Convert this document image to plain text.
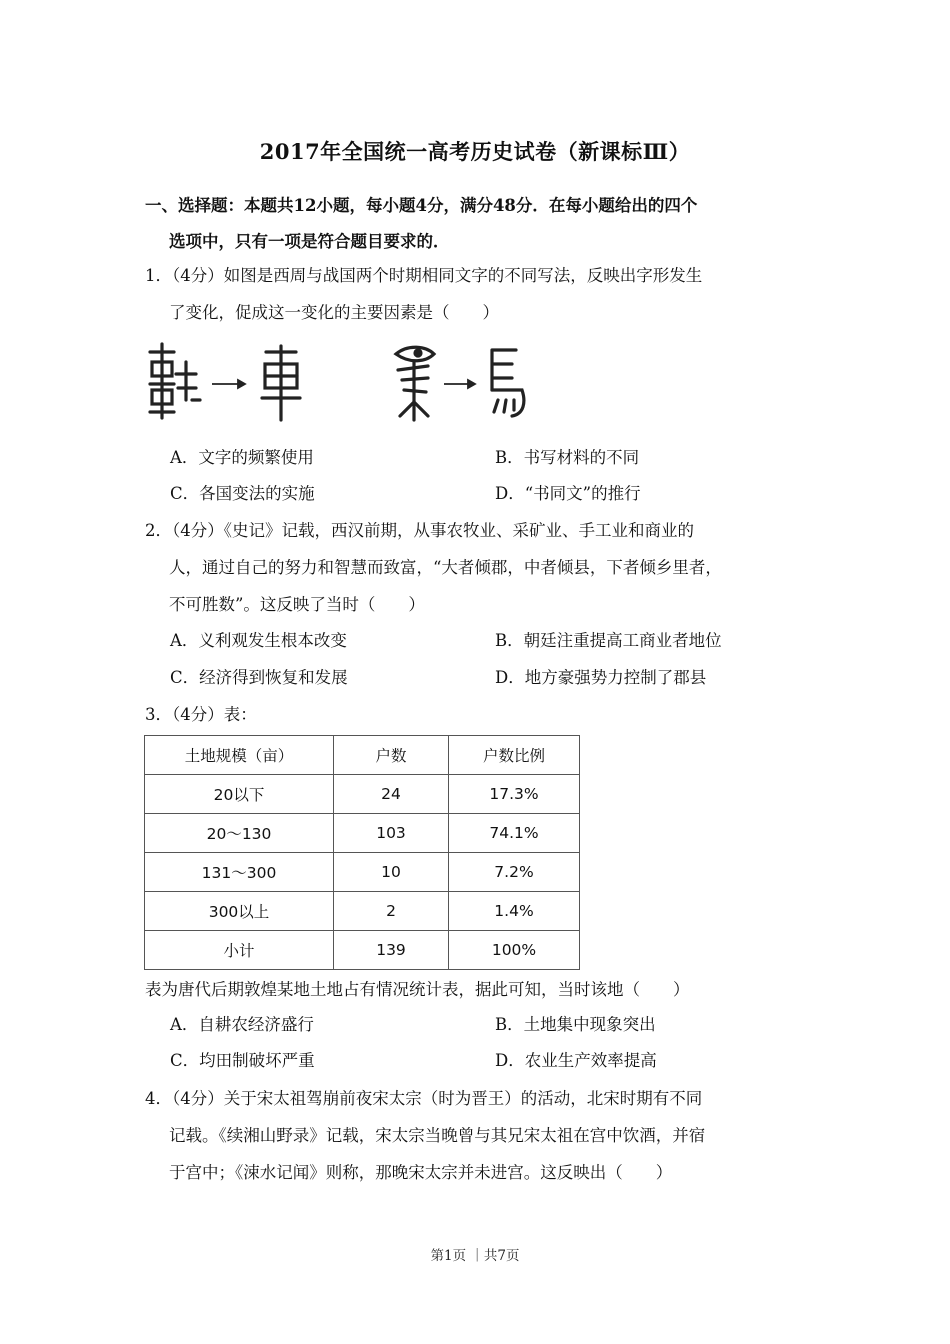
2017年全国统一高考历史试卷（新课标Ⅲ）
一、选择题：本题共12小题，每小题4分，满分48分．在每小题给出的四个
选项中，只有一项是符合题目要求的．
1．（4分）如图是西周与战国两个时期相同文字的不同写法，反映出字形发生
了变化，促成这一变化的主要因素是（　　）
A．文字的频繁使用	B．书写材料的不同
C．各国变法的实施	D．“书同文”的推行
2．（4分）《史记》记载，西汉前期，从事农牧业、采矿业、手工业和商业的
人，通过自己的努力和智慧而致富，“大者倾郡，中者倾县，下者倾乡里者，
不可胜数”。这反映了当时（　　）
A．义利观发生根本改变	B．朝廷注重提高工商业者地位
C．经济得到恢复和发展	D．地方豪强势力控制了郡县
3．（4分）表：
土地规模（亩）	户数	户数比例
20以下	24	17.3%
20～130	103	74.1%
131～300	10	7.2%
300以上	2	1.4%
小计	139	100%
表为唐代后期敦煌某地土地占有情况统计表，据此可知，当时该地（　　）
A．自耕农经济盛行	B．土地集中现象突出
C．均田制破坏严重	D．农业生产效率提高
4．（4分）关于宋太祖驾崩前夜宋太宗（时为晋王）的活动，北宋时期有不同
记载。《续湘山野录》记载，宋太宗当晚曾与其兄宋太祖在宫中饮酒，并宿
于宫中；《涑水记闻》则称，那晚宋太宗并未进宫。这反映出（　　）
第1页 ｜共7页
